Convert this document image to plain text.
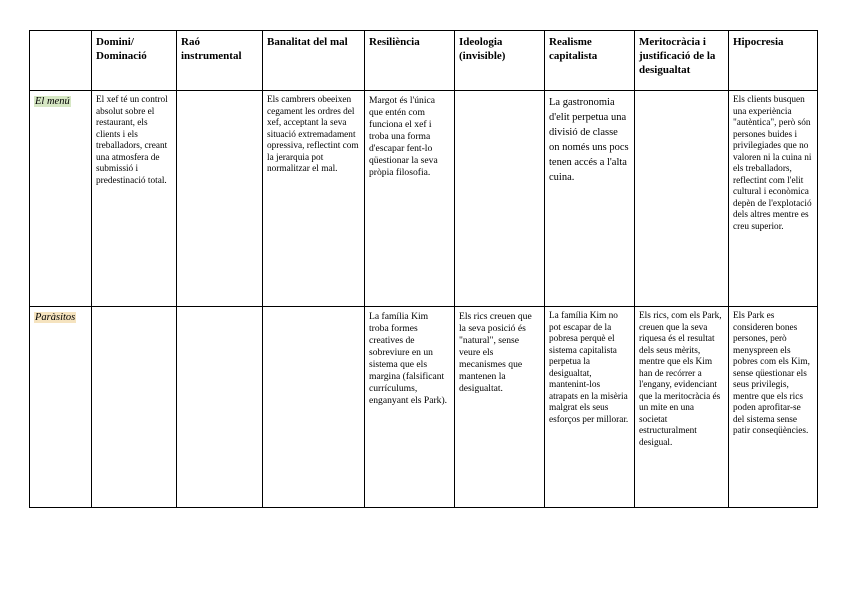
	Domini/ Dominació	Raó instrumental	Banalitat del mal	Resiliència	Ideologia (invisible)	Realisme capitalista	Meritocràcia i justificació de la desigualtat	Hipocresia
El menú	El xef té un control absolut sobre el restaurant, els clients i els treballadors, creant una atmosfera de submissió i predestinació total.		Els cambrers obeeixen cegament les ordres del xef, acceptant la seva situació extremadament opressiva, reflectint com la jerarquia pot normalitzar el mal.	Margot és l'única que entén com funciona el xef i troba una forma d'escapar fent-lo qüestionar la seva pròpia filosofia.		La gastronomia d'elit perpetua una divisió de classe on només uns pocs tenen accés a l'alta cuina.		Els clients busquen una experiència "autèntica", però són persones buides i privilegiades que no valoren ni la cuina ni els treballadors, reflectint com l'elit cultural i econòmica depèn de l'explotació dels altres mentre es creu superior.
Paràsitos				La família Kim troba formes creatives de sobreviure en un sistema que els margina (falsificant currículums, enganyant els Park).	Els rics creuen que la seva posició és "natural", sense veure els mecanismes que mantenen la desigualtat.	La família Kim no pot escapar de la pobresa perquè el sistema capitalista perpetua la desigualtat, mantenint-los atrapats en la misèria malgrat els seus esforços per millorar.	Els rics, com els Park, creuen que la seva riquesa és el resultat dels seus mèrits, mentre que els Kim han de recórrer a l'engany, evidenciant que la meritocràcia és un mite en una societat estructuralment desigual.	Els Park es consideren bones persones, però menyspreen els pobres com els Kim, sense qüestionar els seus privilegis, mentre que els rics poden aprofitar-se del sistema sense patir conseqüències.
